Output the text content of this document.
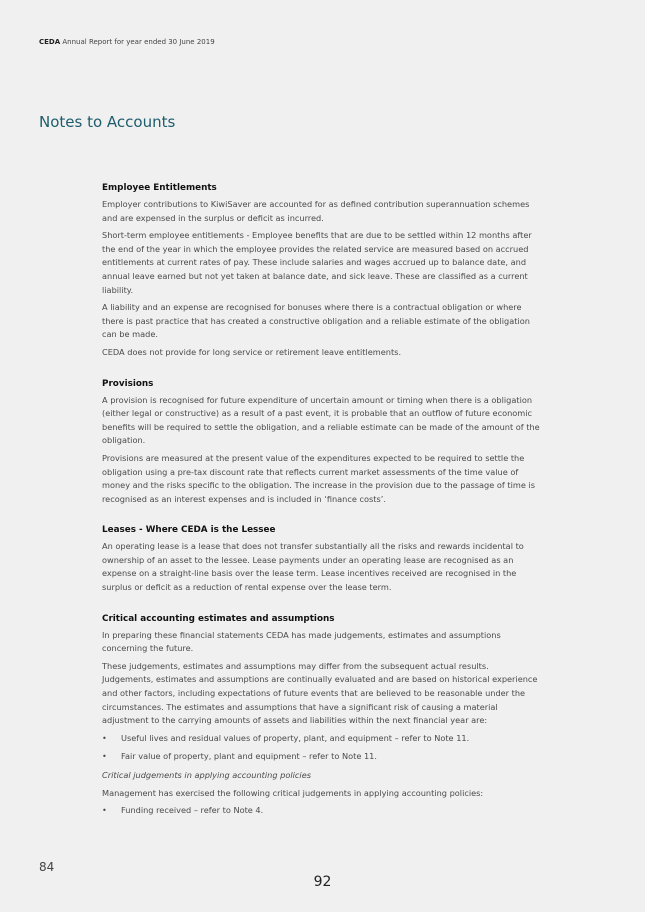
CEDA Annual Report for year ended 30 June 2019
Notes to Accounts
Employee Entitlements

Employer contributions to KiwiSaver are accounted for as defined contribution superannuation schemes and are expensed in the surplus or deficit as incurred.

Short-term employee entitlements - Employee benefits that are due to be settled within 12 months after the end of the year in which the employee provides the related service are measured based on accrued entitlements at current rates of pay. These include salaries and wages accrued up to balance date, and annual leave earned but not yet taken at balance date, and sick leave. These are classified as a current liability.

A liability and an expense are recognised for bonuses where there is a contractual obligation or where there is past practice that has created a constructive obligation and a reliable estimate of the obligation can be made.

CEDA does not provide for long service or retirement leave entitlements.

Provisions

A provision is recognised for future expenditure of uncertain amount or timing when there is a obligation (either legal or constructive) as a result of a past event, it is probable that an outflow of future economic benefits will be required to settle the obligation, and a reliable estimate can be made of the amount of the obligation.

Provisions are measured at the present value of the expenditures expected to be required to settle the obligation using a pre-tax discount rate that reflects current market assessments of the time value of money and the risks specific to the obligation. The increase in the provision due to the passage of time is recognised as an interest expenses and is included in ‘finance costs’.

Leases - Where CEDA is the Lessee

An operating lease is a lease that does not transfer substantially all the risks and rewards incidental to ownership of an asset to the lessee. Lease payments under an operating lease are recognised as an expense on a straight-line basis over the lease term. Lease incentives received are recognised in the surplus or deficit as a reduction of rental expense over the lease term.

Critical accounting estimates and assumptions

In preparing these financial statements CEDA has made judgements, estimates and assumptions concerning the future.

These judgements, estimates and assumptions may differ from the subsequent actual results. Judgements, estimates and assumptions are continually evaluated and are based on historical experience and other factors, including expectations of future events that are believed to be reasonable under the circumstances. The estimates and assumptions that have a significant risk of causing a material adjustment to the carrying amounts of assets and liabilities within the next financial year are:

• Useful lives and residual values of property, plant, and equipment – refer to Note 11.
• Fair value of property, plant and equipment – refer to Note 11.

Critical judgements in applying accounting policies

Management has exercised the following critical judgements in applying accounting policies:

• Funding received – refer to Note 4.
84
92
